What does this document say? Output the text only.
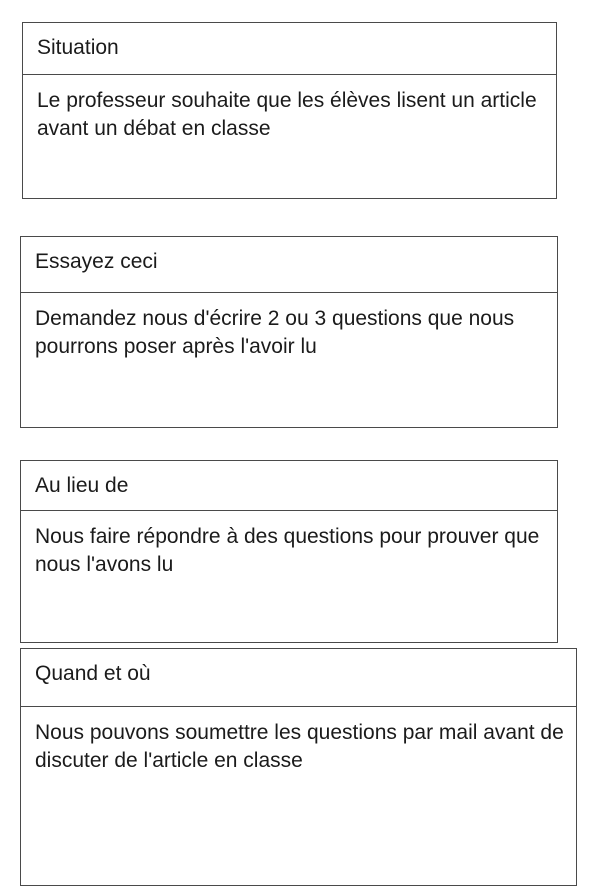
Situation
Le professeur souhaite que les élèves lisent un article avant un débat en classe
Essayez ceci
Demandez nous d'écrire 2 ou 3 questions que nous pourrons poser après l'avoir lu
Au lieu de
Nous faire répondre à des questions pour prouver que nous l'avons lu
Quand et où
Nous pouvons soumettre les questions par mail avant de discuter de l'article en classe
